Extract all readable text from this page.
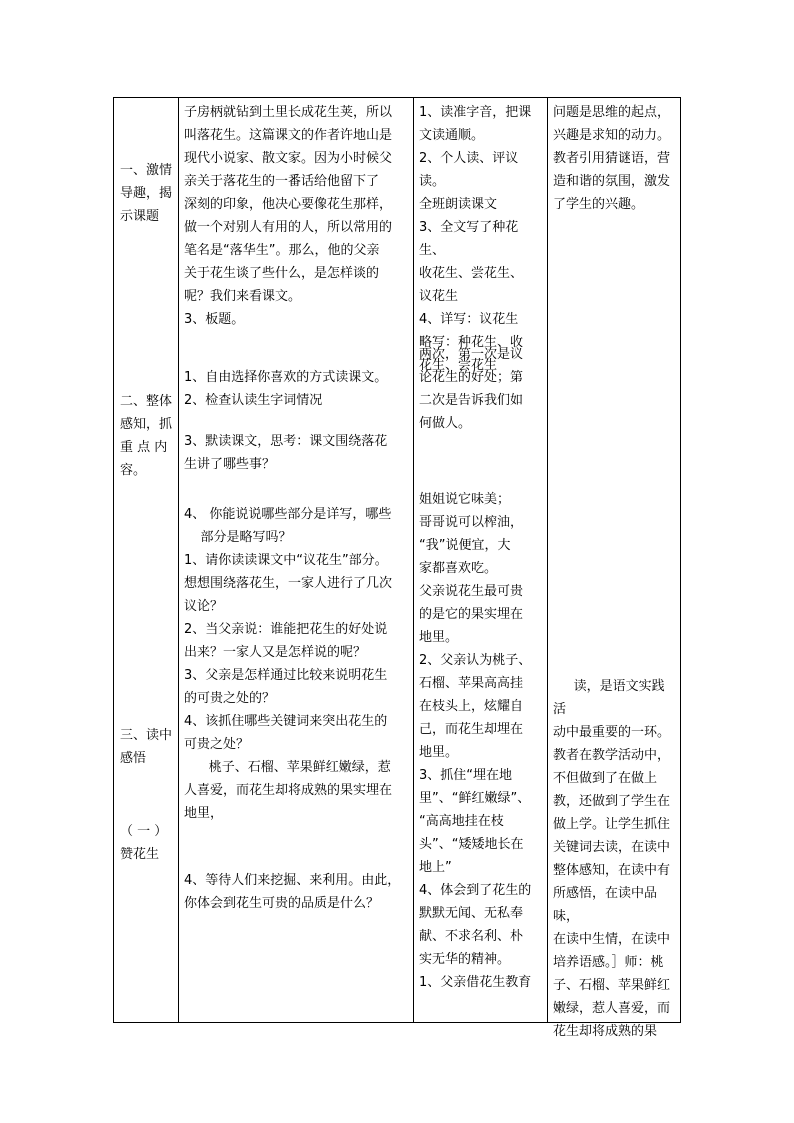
一、激情

导趣，揭

示课题

二、整体

感知，抓

重 点 内

容。

三、读中

感悟

（ 一 ）

赞花生

子房柄就钻到土里长成花生荚，所以

叫落花生。这篇课文的作者许地山是

现代小说家、散文家。因为小时候父

亲关于落花生的一番话给他留下了

深刻的印象，他决心要像花生那样，

做一个对别人有用的人，所以常用的

笔名是“落华生”。那么，他的父亲

关于花生谈了些什么，是怎样谈的

呢？我们来看课文。

3、板题。

1、自由选择你喜欢的方式读课文。

2、检查认读生字词情况

3、默读课文，思考：课文围绕落花

生讲了哪些事？

4、 你能说说哪些部分是详写，哪些

部分是略写吗？

1、请你读读课文中“议花生”部分。

想想围绕落花生，一家人进行了几次

议论？

2、当父亲说：谁能把花生的好处说

出来？一家人又是怎样说的呢？

3、父亲是怎样通过比较来说明花生

的可贵之处的？

4、该抓住哪些关键词来突出花生的

可贵之处？

桃子、石榴、苹果鲜红嫩绿，惹

人喜爱，而花生却将成熟的果实埋在

地里，

4、等待人们来挖掘、来利用。由此，

你体会到花生可贵的品质是什么？

1、读准字音，把课

文读通顺。

2、个人读、评议读。

全班朗读课文

3、全文写了种花生、

收花生、尝花生、

议花生

4、详写：议花生

略写：种花生、收

花生、尝花生

两次，第一次是议

论花生的好处；第

二次是告诉我们如

何做人。

姐姐说它味美；

哥哥说可以榨油，

“我”说便宜，大

家都喜欢吃。

父亲说花生最可贵

的是它的果实埋在

地里。

2、父亲认为桃子、

石榴、苹果高高挂

在枝头上，炫耀自

己，而花生却埋在

地里。

3、抓住“埋在地

里”、“鲜红嫩绿”、

“高高地挂在枝

头”、“矮矮地长在

地上”

4、体会到了花生的

默默无闻、无私奉

献、不求名利、朴

实无华的精神。

1、父亲借花生教育

问题是思维的起点，

兴趣是求知的动力。

教者引用猜谜语，营

造和谐的氛围，激发

了学生的兴趣。

读，是语文实践活

动中最重要的一环。

教者在教学活动中，

不但做到了在做上

教，还做到了学生在

做上学。让学生抓住

关键词去读，在读中

整体感知，在读中有

所感悟，在读中品味，

在读中生情，在读中

培养语感。］师：桃

子、石榴、苹果鲜红

嫩绿，惹人喜爱，而

花生却将成熟的果
